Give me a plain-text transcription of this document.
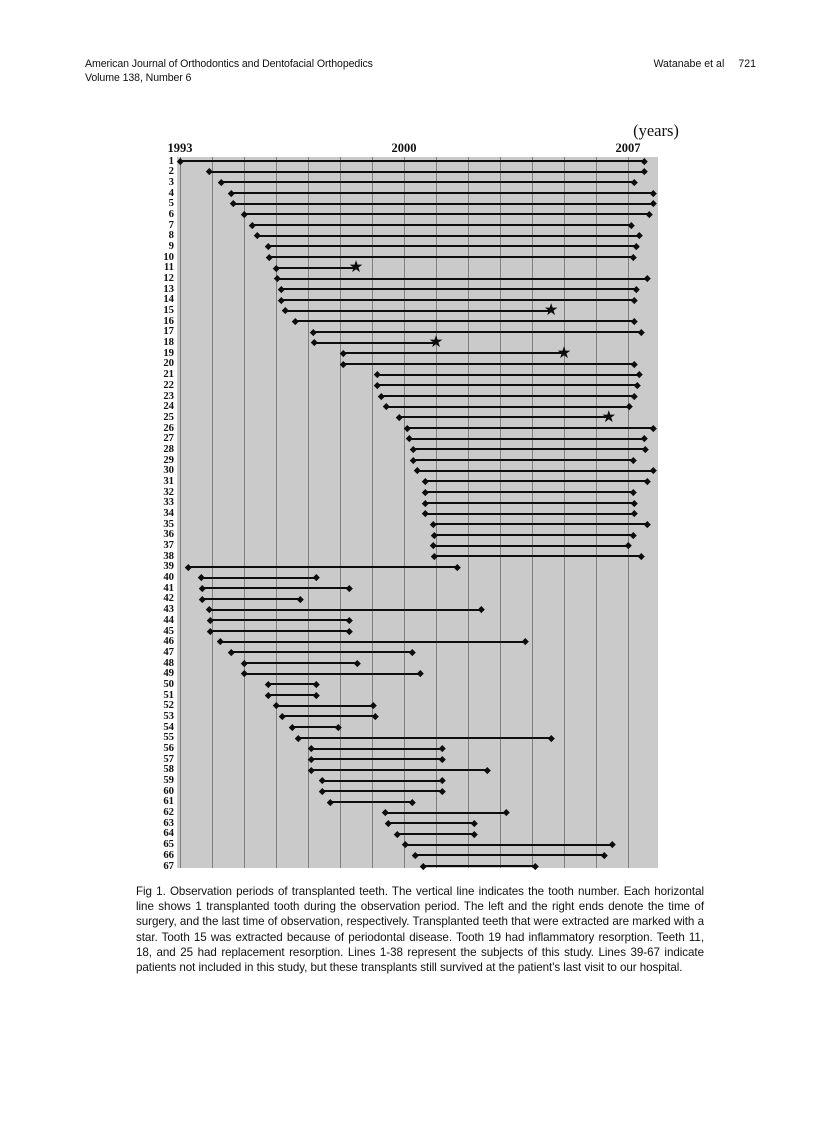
American Journal of Orthodontics and Dentofacial Orthopedics
Volume 138, Number 6
Watanabe et al 721
(years)
1993	2000	2007
1
2
3
4
5
6
7
8
9
10
11	★
12
13
14
15	★
16
17
18	★
19	★
20
21
22
23
24
25	★
26
27
28
29
30
31
32
33
34
35
36
37
38
39
40
41
42
43
44
45
46
47
48
49
50
51
52
53
54
55
56
57
58
59
60
61
62
63
64
65
66
67

Fig 1. Observation periods of transplanted teeth. The vertical line indicates the tooth number. Each horizontal line shows 1 transplanted tooth during the observation period. The left and the right ends denote the time of surgery, and the last time of observation, respectively. Transplanted teeth that were extracted are marked with a star. Tooth 15 was extracted because of periodontal disease. Tooth 19 had inflammatory resorption. Teeth 11, 18, and 25 had replacement resorption. Lines 1-38 represent the subjects of this study. Lines 39-67 indicate patients not included in this study, but these transplants still survived at the patient's last visit to our hospital.
